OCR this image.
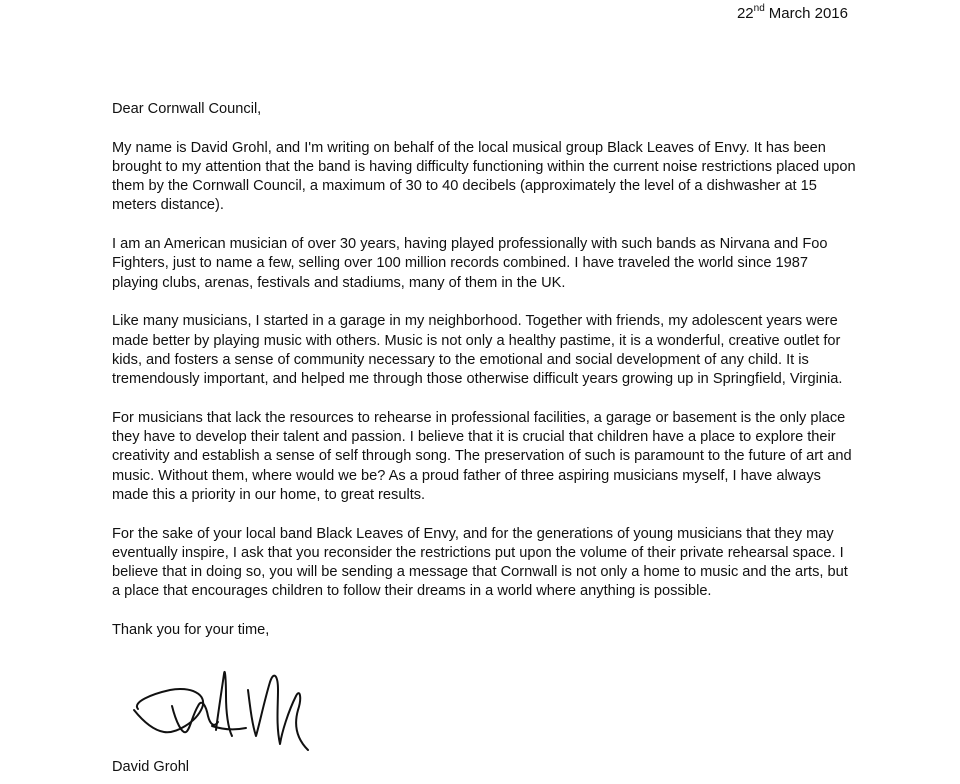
22nd March 2016

Dear Cornwall Council,

My name is David Grohl, and I'm writing on behalf of the local musical group Black Leaves of Envy. It has been brought to my attention that the band is having difficulty functioning within the current noise restrictions placed upon them by the Cornwall Council, a maximum of 30 to 40 decibels (approximately the level of a dishwasher at 15 meters distance).

I am an American musician of over 30 years, having played professionally with such bands as Nirvana and Foo Fighters, just to name a few, selling over 100 million records combined. I have traveled the world since 1987 playing clubs, arenas, festivals and stadiums, many of them in the UK.

Like many musicians, I started in a garage in my neighborhood. Together with friends, my adolescent years were made better by playing music with others. Music is not only a healthy pastime, it is a wonderful, creative outlet for kids, and fosters a sense of community necessary to the emotional and social development of any child. It is tremendously important, and helped me through those otherwise difficult years growing up in Springfield, Virginia.

For musicians that lack the resources to rehearse in professional facilities, a garage or basement is the only place they have to develop their talent and passion. I believe that it is crucial that children have a place to explore their creativity and establish a sense of self through song. The preservation of such is paramount to the future of art and music. Without them, where would we be? As a proud father of three aspiring musicians myself, I have always made this a priority in our home, to great results.

For the sake of your local band Black Leaves of Envy, and for the generations of young musicians that they may eventually inspire, I ask that you reconsider the restrictions put upon the volume of their private rehearsal space. I believe that in doing so, you will be sending a message that Cornwall is not only a home to music and the arts, but a place that encourages children to follow their dreams in a world where anything is possible.

Thank you for your time,

David Grohl
